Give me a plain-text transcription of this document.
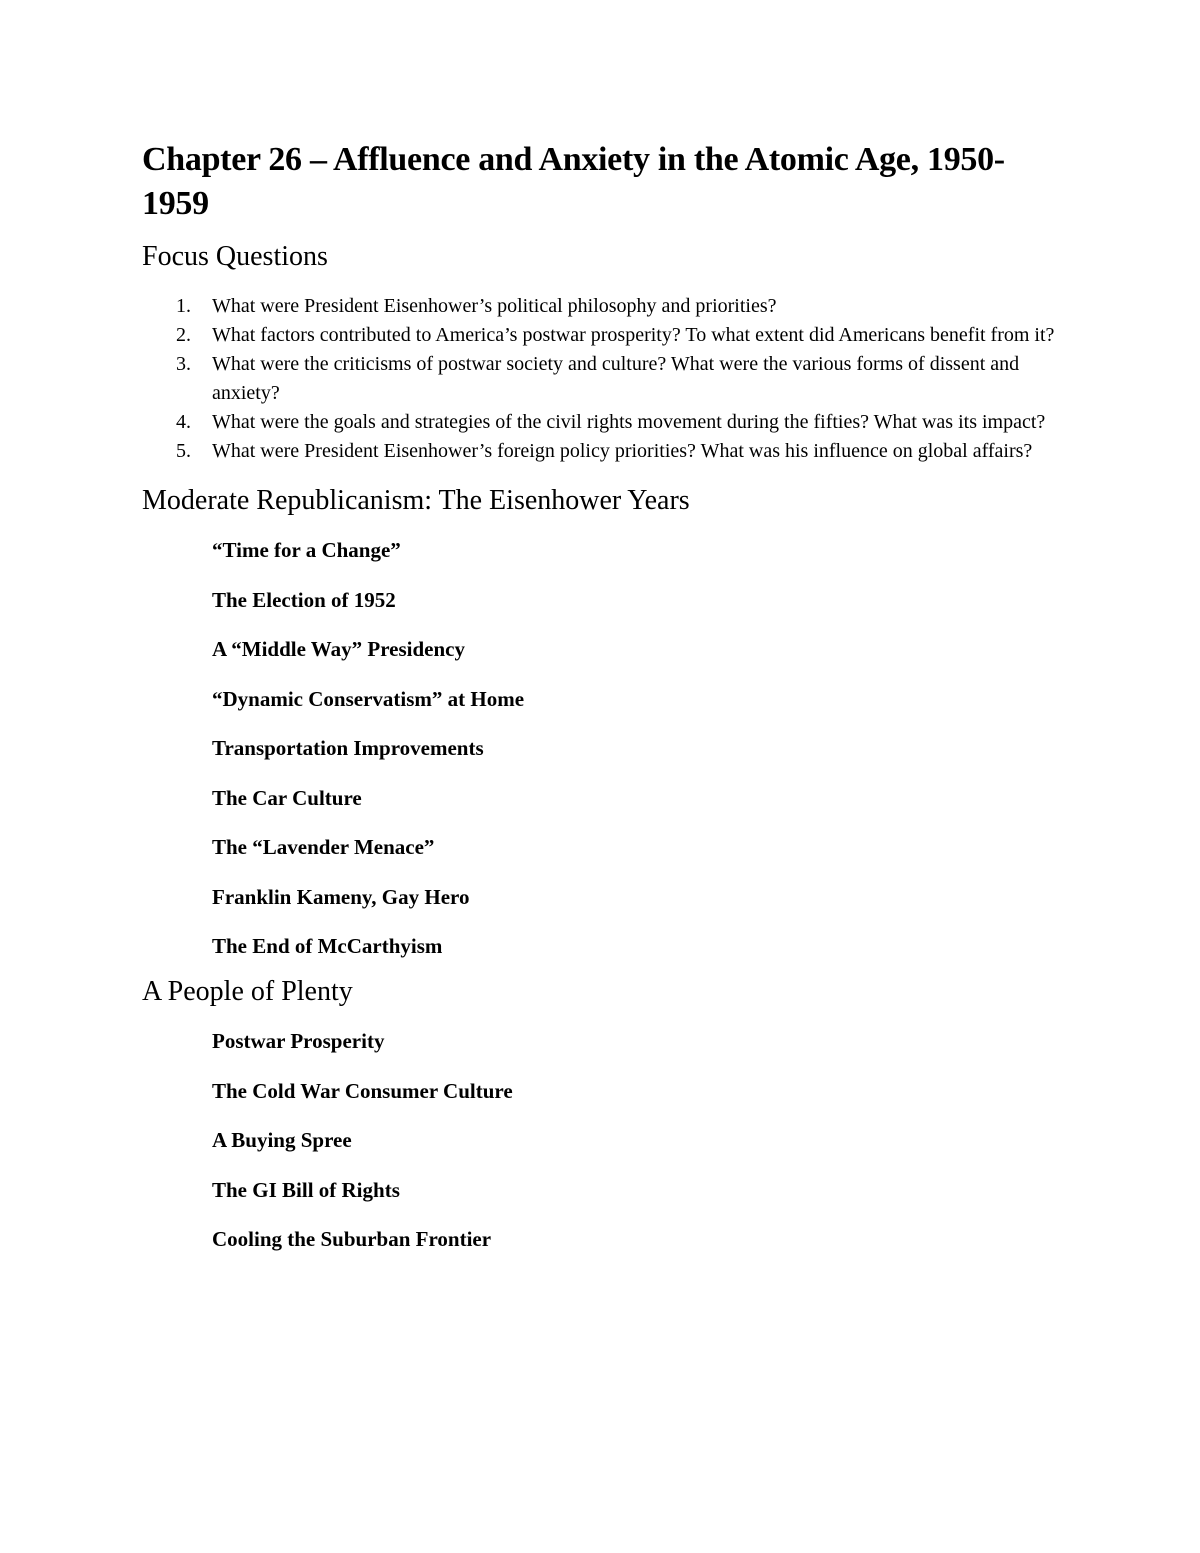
Chapter 26 – Affluence and Anxiety in the Atomic Age, 1950-
1959
Focus Questions
1. What were President Eisenhower’s political philosophy and priorities?
2. What factors contributed to America’s postwar prosperity? To what extent did Americans benefit from it?
3. What were the criticisms of postwar society and culture? What were the various forms of dissent and anxiety?
4. What were the goals and strategies of the civil rights movement during the fifties? What was its impact?
5. What were President Eisenhower’s foreign policy priorities? What was his influence on global affairs?
Moderate Republicanism: The Eisenhower Years
“Time for a Change”
The Election of 1952
A “Middle Way” Presidency
“Dynamic Conservatism” at Home
Transportation Improvements
The Car Culture
The “Lavender Menace”
Franklin Kameny, Gay Hero
The End of McCarthyism
A People of Plenty
Postwar Prosperity
The Cold War Consumer Culture
A Buying Spree
The GI Bill of Rights
Cooling the Suburban Frontier
